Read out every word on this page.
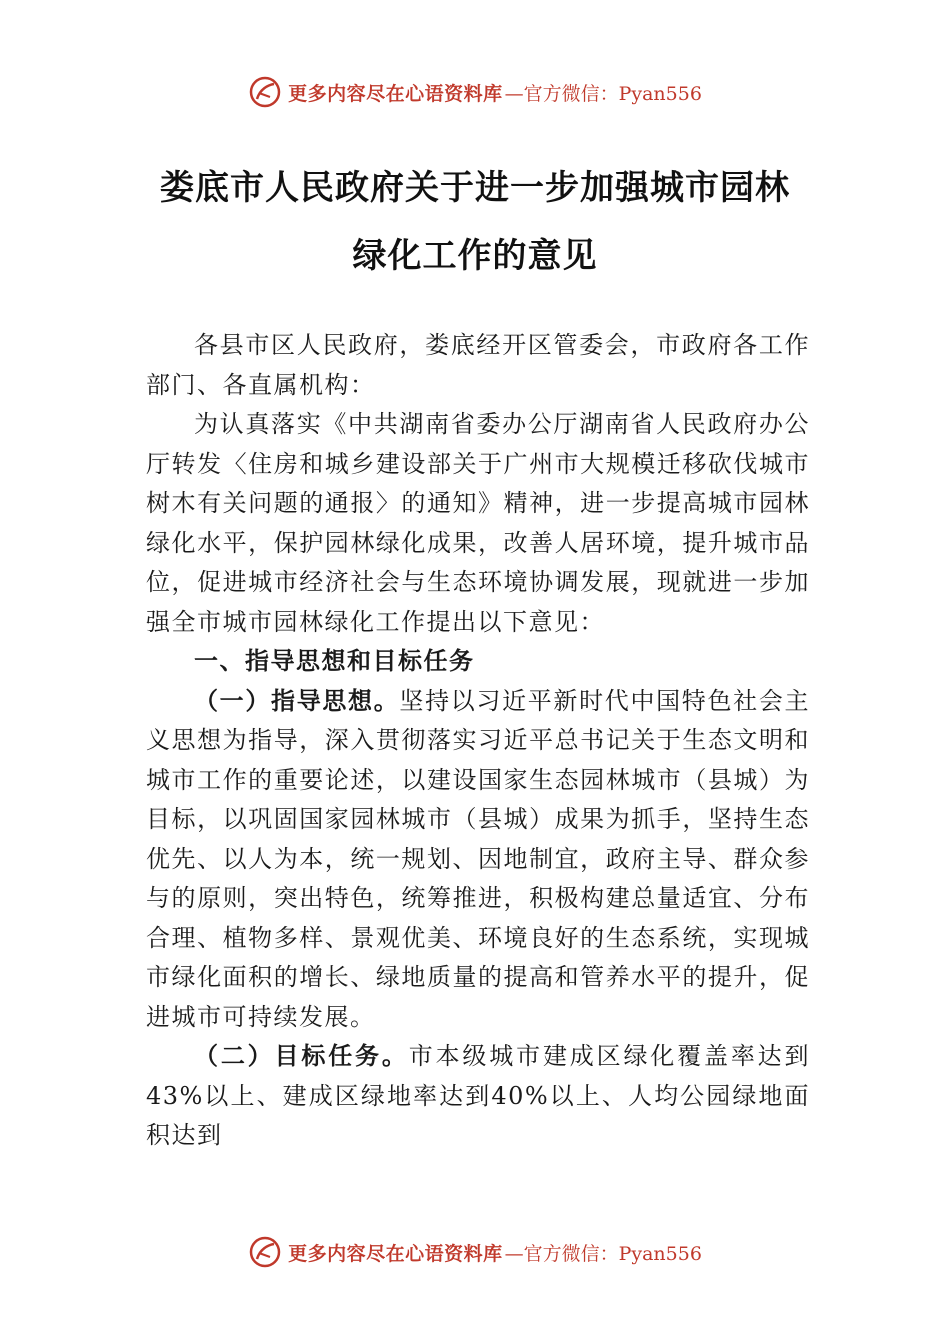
更多内容尽在心语资料库 —官方微信：Pyan556
娄底市人民政府关于进一步加强城市园林
绿化工作的意见

各县市区人民政府，娄底经开区管委会，市政府各工作部门、各直属机构：

为认真落实《中共湖南省委办公厅湖南省人民政府办公厅转发〈住房和城乡建设部关于广州市大规模迁移砍伐城市树木有关问题的通报〉的通知》精神，进一步提高城市园林绿化水平，保护园林绿化成果，改善人居环境，提升城市品位，促进城市经济社会与生态环境协调发展，现就进一步加强全市城市园林绿化工作提出以下意见：

一、指导思想和目标任务

（一）指导思想。坚持以习近平新时代中国特色社会主义思想为指导，深入贯彻落实习近平总书记关于生态文明和城市工作的重要论述，以建设国家生态园林城市（县城）为目标，以巩固国家园林城市（县城）成果为抓手，坚持生态优先、以人为本，统一规划、因地制宜，政府主导、群众参与的原则，突出特色，统筹推进，积极构建总量适宜、分布合理、植物多样、景观优美、环境良好的生态系统，实现城市绿化面积的增长、绿地质量的提高和管养水平的提升，促进城市可持续发展。

（二）目标任务。市本级城市建成区绿化覆盖率达到43%以上、建成区绿地率达到40%以上、人均公园绿地面积达到

更多内容尽在心语资料库 —官方微信：Pyan556
